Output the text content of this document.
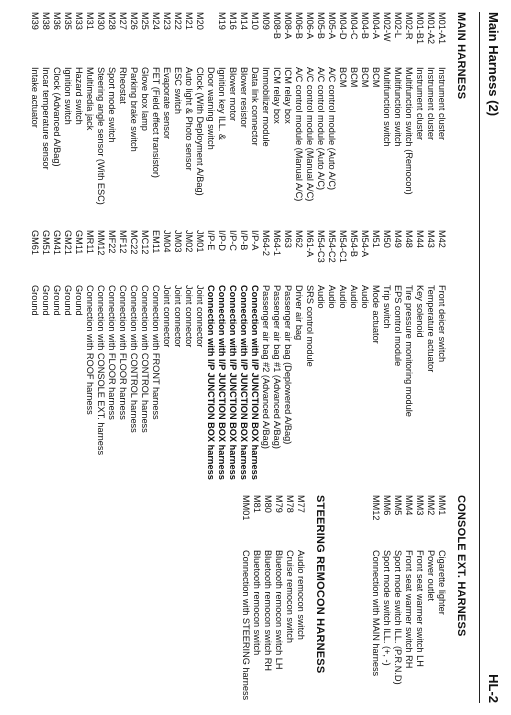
Main Harness (2)
HL-2
MAIN HARNESS
M01-A1
Instrument cluster
M01-A2
Instrument cluster
M01-B1
Instrument cluster
M02-R
Multifunction switch (Remocon)
M02-L
Multifunction switch
M02-W
Multifunction switch
M04-A
BCM
M04-B
BCM
M04-C
BCM
M04-D
BCM
M05-A
A/C control module (Auto A/C)
M05-B
A/C control module (Auto A/C)
M06-A
A/C control module (Manual A/C)
M06-B
A/C control module (Manual A/C)
M08-A
ICM relay box
M08-B
ICM relay box
M09
Immobilizer module
M10
Data link connector
M14
Blower resistor
M16
Blower motor
M19
Ignition key ILL. &
Door warning switch
M20
Clock (With Deployment A/Bag)
M21
Auto light & Photo sensor
M22
ESC switch
M23
Evaporate sensor
M24
FET (Field effect transistor)
M25
Glove box lamp
M26
Parking brake switch
M27
Rheostat
M28
Sport mode switch
M30
Steering angle sensor (With ESC)
M31
Multimedia jack
M33
Hazard switch
M35
Ignition switch
M36
Clock (Advanced A/Bag)
M38
Incar temperature sensor
M39
Intake actuator
M42
Front deicer switch
M43
Temperature actuator
M44
Key solenoid
M48
Tire pressure monitoring module
M49
EPS control module
M50
Trip switch
M51
Mode actuator
M54-A
Audio
M54-B
Audio
M54-C1
Audio
M54-C2
Audio
M54-C3
Audio
M61-A
SRS control module
M62
Driver air bag
M63
Passenger air bag (Deplowered A/Bag)
M64-1
Passenger air bag #1 (Advanced A/Bag)
M64-2
Passenger air bag #2 (Advanced A/Bag)
I/P-A
Connection with I/P JUNCTION BOX harness
I/P-B
Connection with I/P JUNCTION BOX harness
I/P-C
Connection with I/P JUNCTION BOX harness
I/P-D
Connection with I/P JUNCTION BOX harness
I/P-E
Connection with I/P JUNCTION BOX harness
JM01
Joint connector
JM02
Joint connector
JM03
Joint connector
JM04
Joint connector
EM11
Connection with FRONT harness
MC12
Connection with CONTROL harness
MC22
Connection with CONTROL harness
MF12
Connection with FLOOR harness
MF22
Connection with FLOOR harness
MM12
Connection with CONSOLE EXT. harness
MR11
Connection with ROOF harness
GM11
Ground
GM21
Ground
GM41
Ground
GM51
Ground
GM61
Ground
CONSOLE EXT. HARNESS
MM1
Cigarette lighter
MM2
Power outlet
MM3
Front seat warmer switch LH
MM4
Front seat warmer switch RH
MM5
Sport mode switch ILL. (P.R.N.D)
MM6
Sport mode switch ILL. (+, -)
MM12
Connection with MAIN harness
STEERING REMOCON HARNESS
M77
Audio remocon switch
M78
Cruise remocon switch
M79
Bluetooth remocon switch LH
M80
Bluetooth remocon switch RH
M81
Bluetooth remocon switch
MM01
Connection with STEERING harness
